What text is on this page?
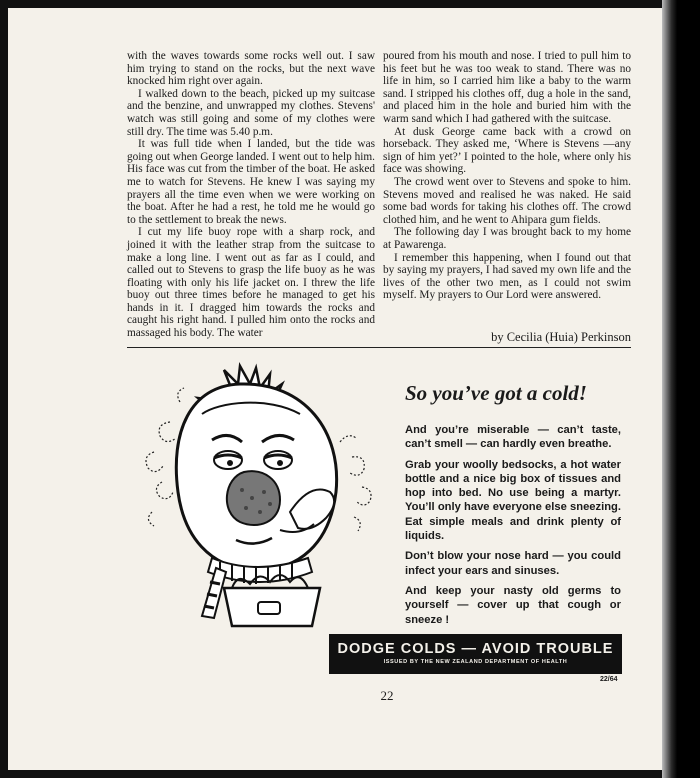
with the waves towards some rocks well out. I saw him trying to stand on the rocks, but the next wave knocked him right over again.

I walked down to the beach, picked up my suitcase and the benzine, and unwrapped my clothes. Stevens' watch was still going and some of my clothes were still dry. The time was 5.40 p.m.

It was full tide when I landed, but the tide was going out when George landed. I went out to help him. His face was cut from the timber of the boat. He asked me to watch for Stevens. He knew I was saying my prayers all the time even when we were working on the boat. After he had a rest, he told me he would go to the settlement to break the news.

I cut my life buoy rope with a sharp rock, and joined it with the leather strap from the suitcase to make a long line. I went out as far as I could, and called out to Stevens to grasp the life buoy as he was floating with only his life jacket on. I threw the life buoy out three times before he managed to get his hands in it. I dragged him towards the rocks and caught his right hand. I pulled him onto the rocks and massaged his body. The water

poured from his mouth and nose. I tried to pull him to his feet but he was too weak to stand. There was no life in him, so I carried him like a baby to the warm sand. I stripped his clothes off, dug a hole in the sand, and placed him in the hole and buried him with the warm sand which I had gathered with the suitcase.

At dusk George came back with a crowd on horseback. They asked me, ‘Where is Stevens —any sign of him yet?’ I pointed to the hole, where only his face was showing.

The crowd went over to Stevens and spoke to him. Stevens moved and realised he was naked. He said some bad words for taking his clothes off. The crowd clothed him, and he went to Ahipara gum fields.

The following day I was brought back to my home at Pawarenga.

I remember this happening, when I found out that by saying my prayers, I had saved my own life and the lives of the other two men, as I could not swim myself. My prayers to Our Lord were answered.

by Cecilia (Huia) Perkinson
So you’ve got a cold!

And you’re miserable — can’t taste, can’t smell — can hardly even breathe.

Grab your woolly bedsocks, a hot water bottle and a nice big box of tissues and hop into bed. No use being a martyr. You’ll only have everyone else sneezing. Eat simple meals and drink plenty of liquids.

Don’t blow your nose hard — you could infect your ears and sinuses.

And keep your nasty old germs to yourself — cover up that cough or sneeze !

DODGE COLDS — AVOID TROUBLE
ISSUED BY THE NEW ZEALAND DEPARTMENT OF HEALTH
22/64
22
